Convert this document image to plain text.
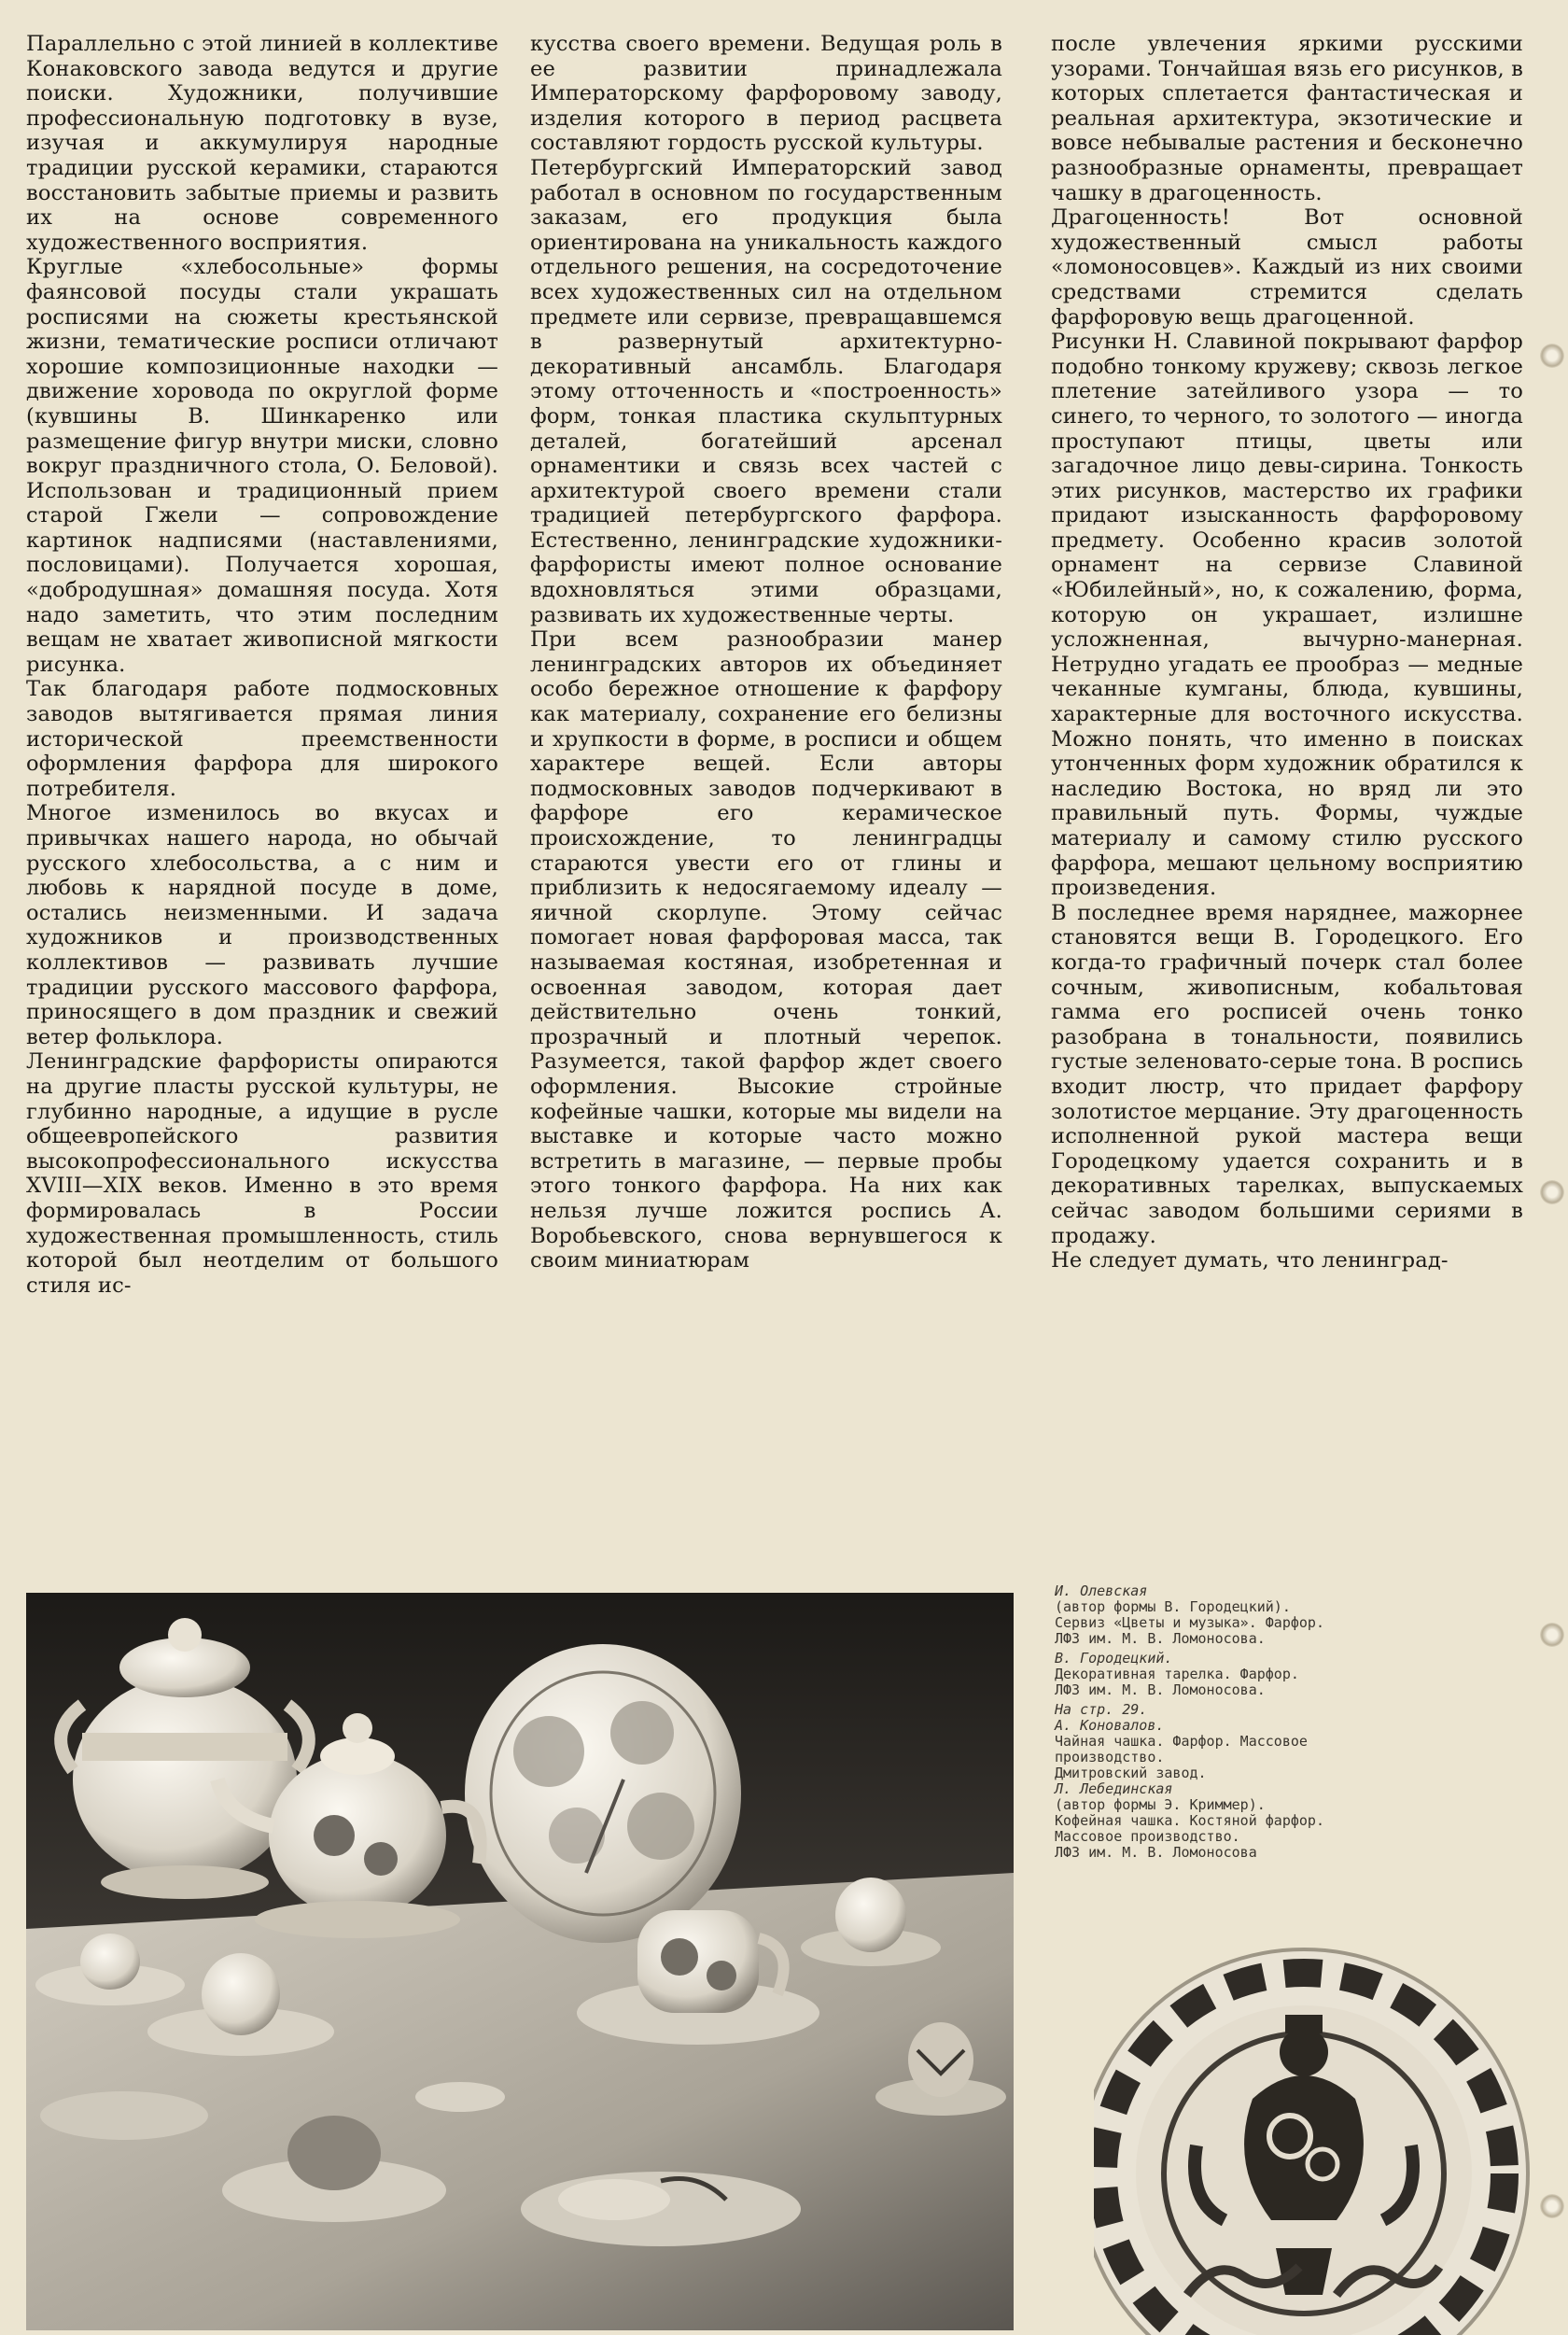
Параллельно с этой линией в коллективе Конаковского завода ведутся и другие поиски. Художники, получившие профессиональную подготовку в вузе, изучая и аккумулируя народные традиции русской керамики, стараются восстановить забытые приемы и развить их на основе современного художественного восприятия.

Круглые «хлебосольные» формы фаянсовой посуды стали украшать росписями на сюжеты крестьянской жизни, тематические росписи отличают хорошие композиционные находки — движение хоровода по округлой форме (кувшины В. Шинкаренко или размещение фигур внутри миски, словно вокруг праздничного стола, О. Беловой). Использован и традиционный прием старой Гжели — сопровождение картинок надписями (наставлениями, пословицами). Получается хорошая, «добродушная» домашняя посуда. Хотя надо заметить, что этим последним вещам не хватает живописной мягкости рисунка.

Так благодаря работе подмосковных заводов вытягивается прямая линия исторической преемственности оформления фарфора для широкого потребителя.

Многое изменилось во вкусах и привычках нашего народа, но обычай русского хлебосольства, а с ним и любовь к нарядной посуде в доме, остались неизменными. И задача художников и производственных коллективов — развивать лучшие традиции русского массового фарфора, приносящего в дом праздник и свежий ветер фольклора.

Ленинградские фарфористы опираются на другие пласты русской культуры, не глубинно народные, а идущие в русле общеевропейского развития высокопрофессионального искусства XVIII—XIX веков. Именно в это время формировалась в России художественная промышленность, стиль которой был неотделим от большого стиля ис-

кусства своего времени. Ведущая роль в ее развитии принадлежала Императорскому фарфоровому заводу, изделия которого в период расцвета составляют гордость русской культуры.

Петербургский Императорский завод работал в основном по государственным заказам, его продукция была ориентирована на уникальность каждого отдельного решения, на сосредоточение всех художественных сил на отдельном предмете или сервизе, превращавшемся в развернутый архитектурно-декоративный ансамбль. Благодаря этому отточенность и «построенность» форм, тонкая пластика скульптурных деталей, богатейший арсенал орнаментики и связь всех частей с архитектурой своего времени стали традицией петербургского фарфора. Естественно, ленинградские художники-фарфористы имеют полное основание вдохновляться этими образцами, развивать их художественные черты.

При всем разнообразии манер ленинградских авторов их объединяет особо бережное отношение к фарфору как материалу, сохранение его белизны и хрупкости в форме, в росписи и общем характере вещей. Если авторы подмосковных заводов подчеркивают в фарфоре его керамическое происхождение, то ленинградцы стараются увести его от глины и приблизить к недосягаемому идеалу — яичной скорлупе. Этому сейчас помогает новая фарфоровая масса, так называемая костяная, изобретенная и освоенная заводом, которая дает действительно очень тонкий, прозрачный и плотный черепок. Разумеется, такой фарфор ждет своего оформления. Высокие стройные кофейные чашки, которые мы видели на выставке и которые часто можно встретить в магазине, — первые пробы этого тонкого фарфора. На них как нельзя лучше ложится роспись А. Воробьевского, снова вернувшегося к своим миниатюрам

после увлечения яркими русскими узорами. Тончайшая вязь его рисунков, в которых сплетается фантастическая и реальная архитектура, экзотические и вовсе небывалые растения и бесконечно разнообразные орнаменты, превращает чашку в драгоценность.

Драгоценность! Вот основной художественный смысл работы «ломоносовцев». Каждый из них своими средствами стремится сделать фарфоровую вещь драгоценной.

Рисунки Н. Славиной покрывают фарфор подобно тонкому кружеву; сквозь легкое плетение затейливого узора — то синего, то черного, то золотого — иногда проступают птицы, цветы или загадочное лицо девы-сирина. Тонкость этих рисунков, мастерство их графики придают изысканность фарфоровому предмету. Особенно красив золотой орнамент на сервизе Славиной «Юбилейный», но, к сожалению, форма, которую он украшает, излишне усложненная, вычурно-манерная. Нетрудно угадать ее прообраз — медные чеканные кумганы, блюда, кувшины, характерные для восточного искусства. Можно понять, что именно в поисках утонченных форм художник обратился к наследию Востока, но вряд ли это правильный путь. Формы, чуждые материалу и самому стилю русского фарфора, мешают цельному восприятию произведения.

В последнее время наряднее, мажорнее становятся вещи В. Городецкого. Его когда-то графичный почерк стал более сочным, живописным, кобальтовая гамма его росписей очень тонко разобрана в тональности, появились густые зеленовато-серые тона. В роспись входит люстр, что придает фарфору золотистое мерцание. Эту драгоценность исполненной рукой мастера вещи Городецкому удается сохранить и в декоративных тарелках, выпускаемых сейчас заводом большими сериями в продажу.

Не следует думать, что ленинград-

И. Олевская
(автор формы В. Городецкий).
Сервиз «Цветы и музыка». Фарфор.
ЛФЗ им. М. В. Ломоносова.

В. Городецкий.
Декоративная тарелка. Фарфор.
ЛФЗ им. М. В. Ломоносова.

На стр. 29.

А. Коновалов.
Чайная чашка. Фарфор. Массовое
производство.
Дмитровский завод.

Л. Лебединская
(автор формы Э. Криммер).
Кофейная чашка. Костяной фарфор.
Массовое производство.
ЛФЗ им. М. В. Ломоносова
